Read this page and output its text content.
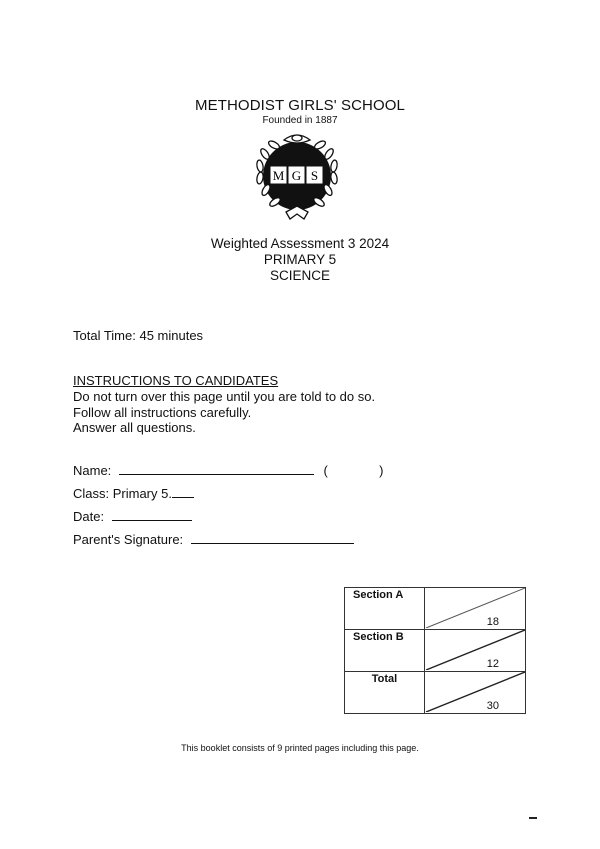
METHODIST GIRLS' SCHOOL
Founded in 1887
M G S
Weighted Assessment 3 2024
PRIMARY 5
SCIENCE
Total Time: 45 minutes
INSTRUCTIONS TO CANDIDATES
Do not turn over this page until you are told to do so.
Follow all instructions carefully.
Answer all questions.
Name:	(	)
Class: Primary 5.
Date:
Parent's Signature:
Section A	18

Section B	12

Total	30
This booklet consists of 9 printed pages including this page.
